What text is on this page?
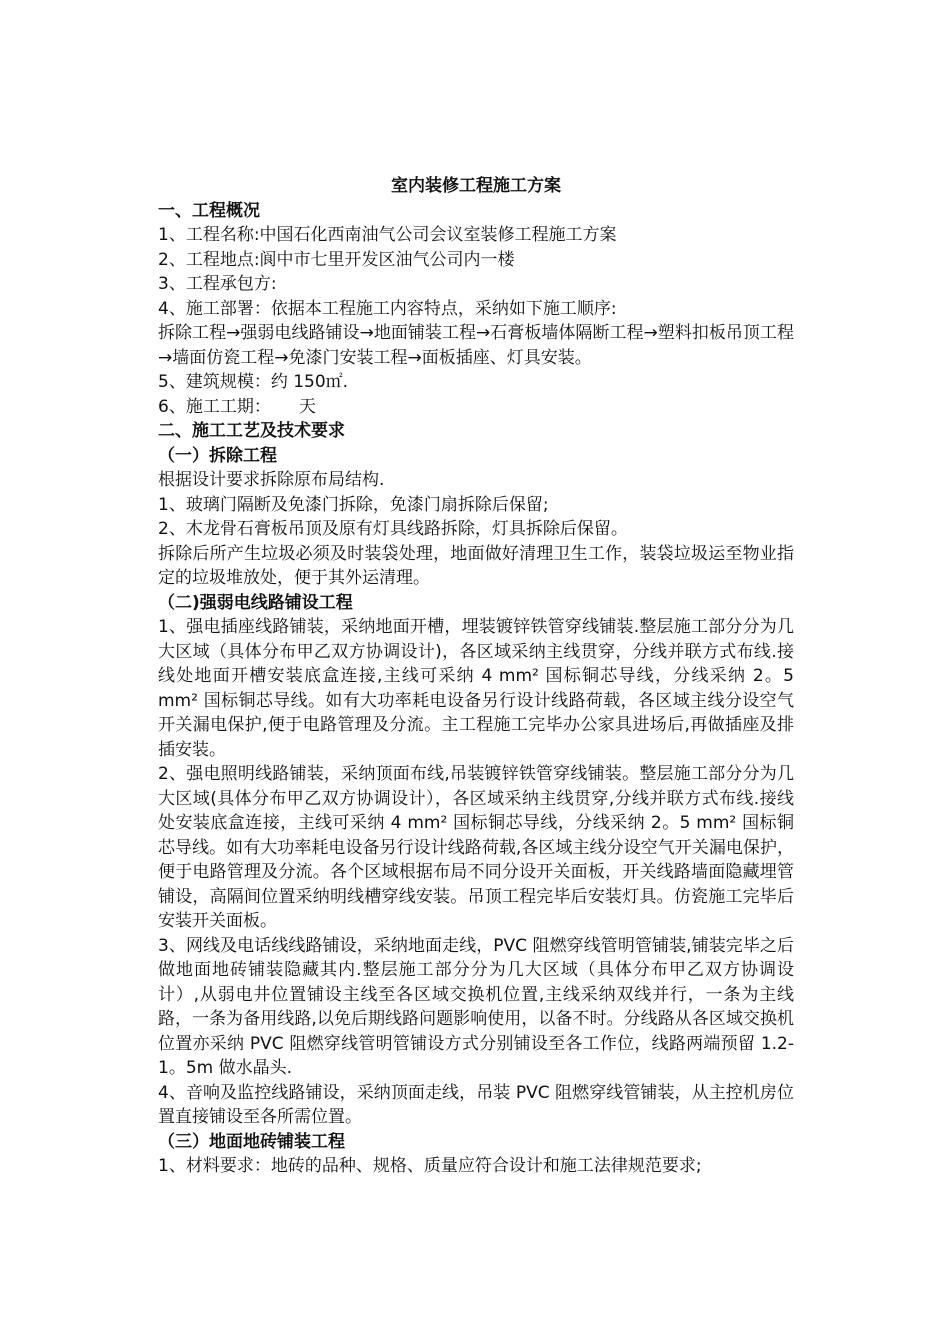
室内装修工程施工方案

一、工程概况

1、工程名称:中国石化西南油气公司会议室装修工程施工方案

2、工程地点:阆中市七里开发区油气公司内一楼

3、工程承包方:

4、施工部署：依据本工程施工内容特点，采纳如下施工顺序:

拆除工程→强弱电线路铺设→地面铺装工程→石膏板墙体隔断工程→塑料扣板吊顶工程→墙面仿瓷工程→免漆门安装工程→面板插座、灯具安装。

5、建筑规模：约 150㎡.

6、施工工期： 天

二、施工工艺及技术要求

（一）拆除工程

根据设计要求拆除原布局结构.

1、玻璃门隔断及免漆门拆除，免漆门扇拆除后保留;

2、木龙骨石膏板吊顶及原有灯具线路拆除，灯具拆除后保留。

拆除后所产生垃圾必须及时装袋处理，地面做好清理卫生工作，装袋垃圾运至物业指定的垃圾堆放处，便于其外运清理。

（二)强弱电线路铺设工程

1、强电插座线路铺装，采纳地面开槽，埋装镀锌铁管穿线铺装.整层施工部分分为几大区域（具体分布甲乙双方协调设计)，各区域采纳主线贯穿，分线并联方式布线.接线处地面开槽安装底盒连接,主线可采纳 4 mm² 国标铜芯导线，分线采纳 2。5 mm² 国标铜芯导线。如有大功率耗电设备另行设计线路荷载，各区域主线分设空气开关漏电保护,便于电路管理及分流。主工程施工完毕办公家具进场后,再做插座及排插安装。

2、强电照明线路铺装，采纳顶面布线,吊装镀锌铁管穿线铺装。整层施工部分分为几大区域(具体分布甲乙双方协调设计），各区域采纳主线贯穿,分线并联方式布线.接线处安装底盒连接，主线可采纳 4 mm² 国标铜芯导线，分线采纳 2。5 mm² 国标铜芯导线。如有大功率耗电设备另行设计线路荷载,各区域主线分设空气开关漏电保护，便于电路管理及分流。各个区域根据布局不同分设开关面板，开关线路墙面隐藏埋管铺设，高隔间位置采纳明线槽穿线安装。吊顶工程完毕后安装灯具。仿瓷施工完毕后安装开关面板。

3、网线及电话线线路铺设，采纳地面走线，PVC 阻燃穿线管明管铺装,铺装完毕之后做地面地砖铺装隐藏其内.整层施工部分分为几大区域（具体分布甲乙双方协调设计）,从弱电井位置铺设主线至各区域交换机位置,主线采纳双线并行，一条为主线路，一条为备用线路,以免后期线路问题影响使用，以备不时。分线路从各区域交换机位置亦采纳 PVC 阻燃穿线管明管铺设方式分别铺设至各工作位，线路两端预留 1.2-1。5m 做水晶头.

4、音响及监控线路铺设，采纳顶面走线，吊装 PVC 阻燃穿线管铺装，从主控机房位置直接铺设至各所需位置。

（三）地面地砖铺装工程

1、材料要求：地砖的品种、规格、质量应符合设计和施工法律规范要求;
